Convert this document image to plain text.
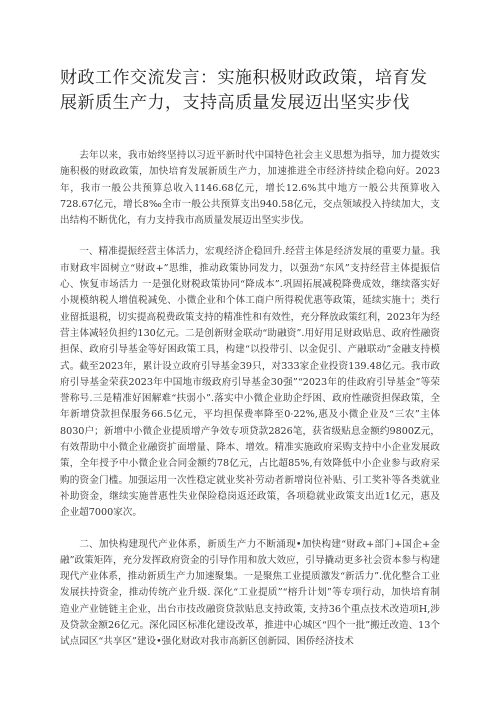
财政工作交流发言：实施积极财政政策，培育发展新质生产力，支持高质量发展迈出坚实步伐

去年以来，我市始终坚持以习近平新时代中国特色社会主义思想为指导，加力提效实施积极的财政政策，加快培育发展新质生产力，加速推进全市经济持续企稳向好。2023年，我市一般公共预算总收入1146.68亿元，增长12.6%其中地方一般公共预算收入728.67亿元，增长8‰全市一般公共预算支出940.58亿元，交点领域投入持续加大，支出结构不断优化，有力支持我市高质量发展迈出坚实步伐。

一、精准提振经营主体活力，宏观经济企稳回升.经营主体是经济发展的重要力量。我市财政牢固树立“财政+”思维，推动政策协同发力，以强劲“东风”支持经营主体提振信心、恢复市场活力 一是强化财税政策协同“降成本”.巩固拓展减税降费成效，继续落实好小规模纳税人增值税减免、小微企业和个体工商户所得税优惠等政策，延续实施十；类行业留抵退税，切实提高税费政策支持的精准性和有效性，充分释放政策红利，2023年为经营主体减轻负担约130亿元。二是创新财金联动“助融资”.用好用足财政贴息、政府性融资担保、政府引导基金等好困政策工具，构建“以投带引、以金促引、产融联动”金融支持模式。截至2023年，累计设立政府引导基金39只，对333家企业投资139.48亿元。我市政府引导基金荣获2023年中国地市级政府引导基金30强”“2023年的佳政府引导基金”等荣誉称号.三是精准好困解难“扶弱小”.落实中小微企业助企纾困、政府性融资担保政策，全年新增贷款担保服务66.5亿元，平均担保费率降至0·22%,惠及小微企业及“三农”主体8030户；新增中小微企业提质增产争效专项贷款2826笔，获省级贴息金额约9800Z元，有效帮助中小微企业融资扩面增量、降本、增效。精准实施政府采购支持中小企业发展政策，全年授予中小微企业合同金额约78亿元，占比超85%,有效降低中小企业参与政府采购的资金门槛。加强运用一次性稳定就业奖补劳动者新增岗位补贴、引工奖补等各类就业补助资金，继续实施普惠性失业保险稳岗返还政策，各项稳就业政策支出近1亿元，惠及企业超7000家次。

二、加快构建现代产业体系，新质生产力不断涌现•加快构建“财政+部门+国企+金融”政策矩阵，充分发挥政府资金的引导作用和放大效应，引导撬动更多社会资本参与构建现代产业体系，推动新质生产力加速聚集。一是聚焦工业提质激发“新活力”.优化整合工业发展扶持资金，推动传统产业升级. 深化“工业提质”“榕升计划”等专项行动，加快培育制造业产业链链主企业，出台市技改融资贷款贴息支持政策, 支持36个重点技术改造项H,涉及贷款金额26亿元。深化园区标准化建设改革，推进中心城区“四个一批”搬迁改造、13个试点园区“共享区”建设•强化财政对我市高新区创新园、困侨经济技术
